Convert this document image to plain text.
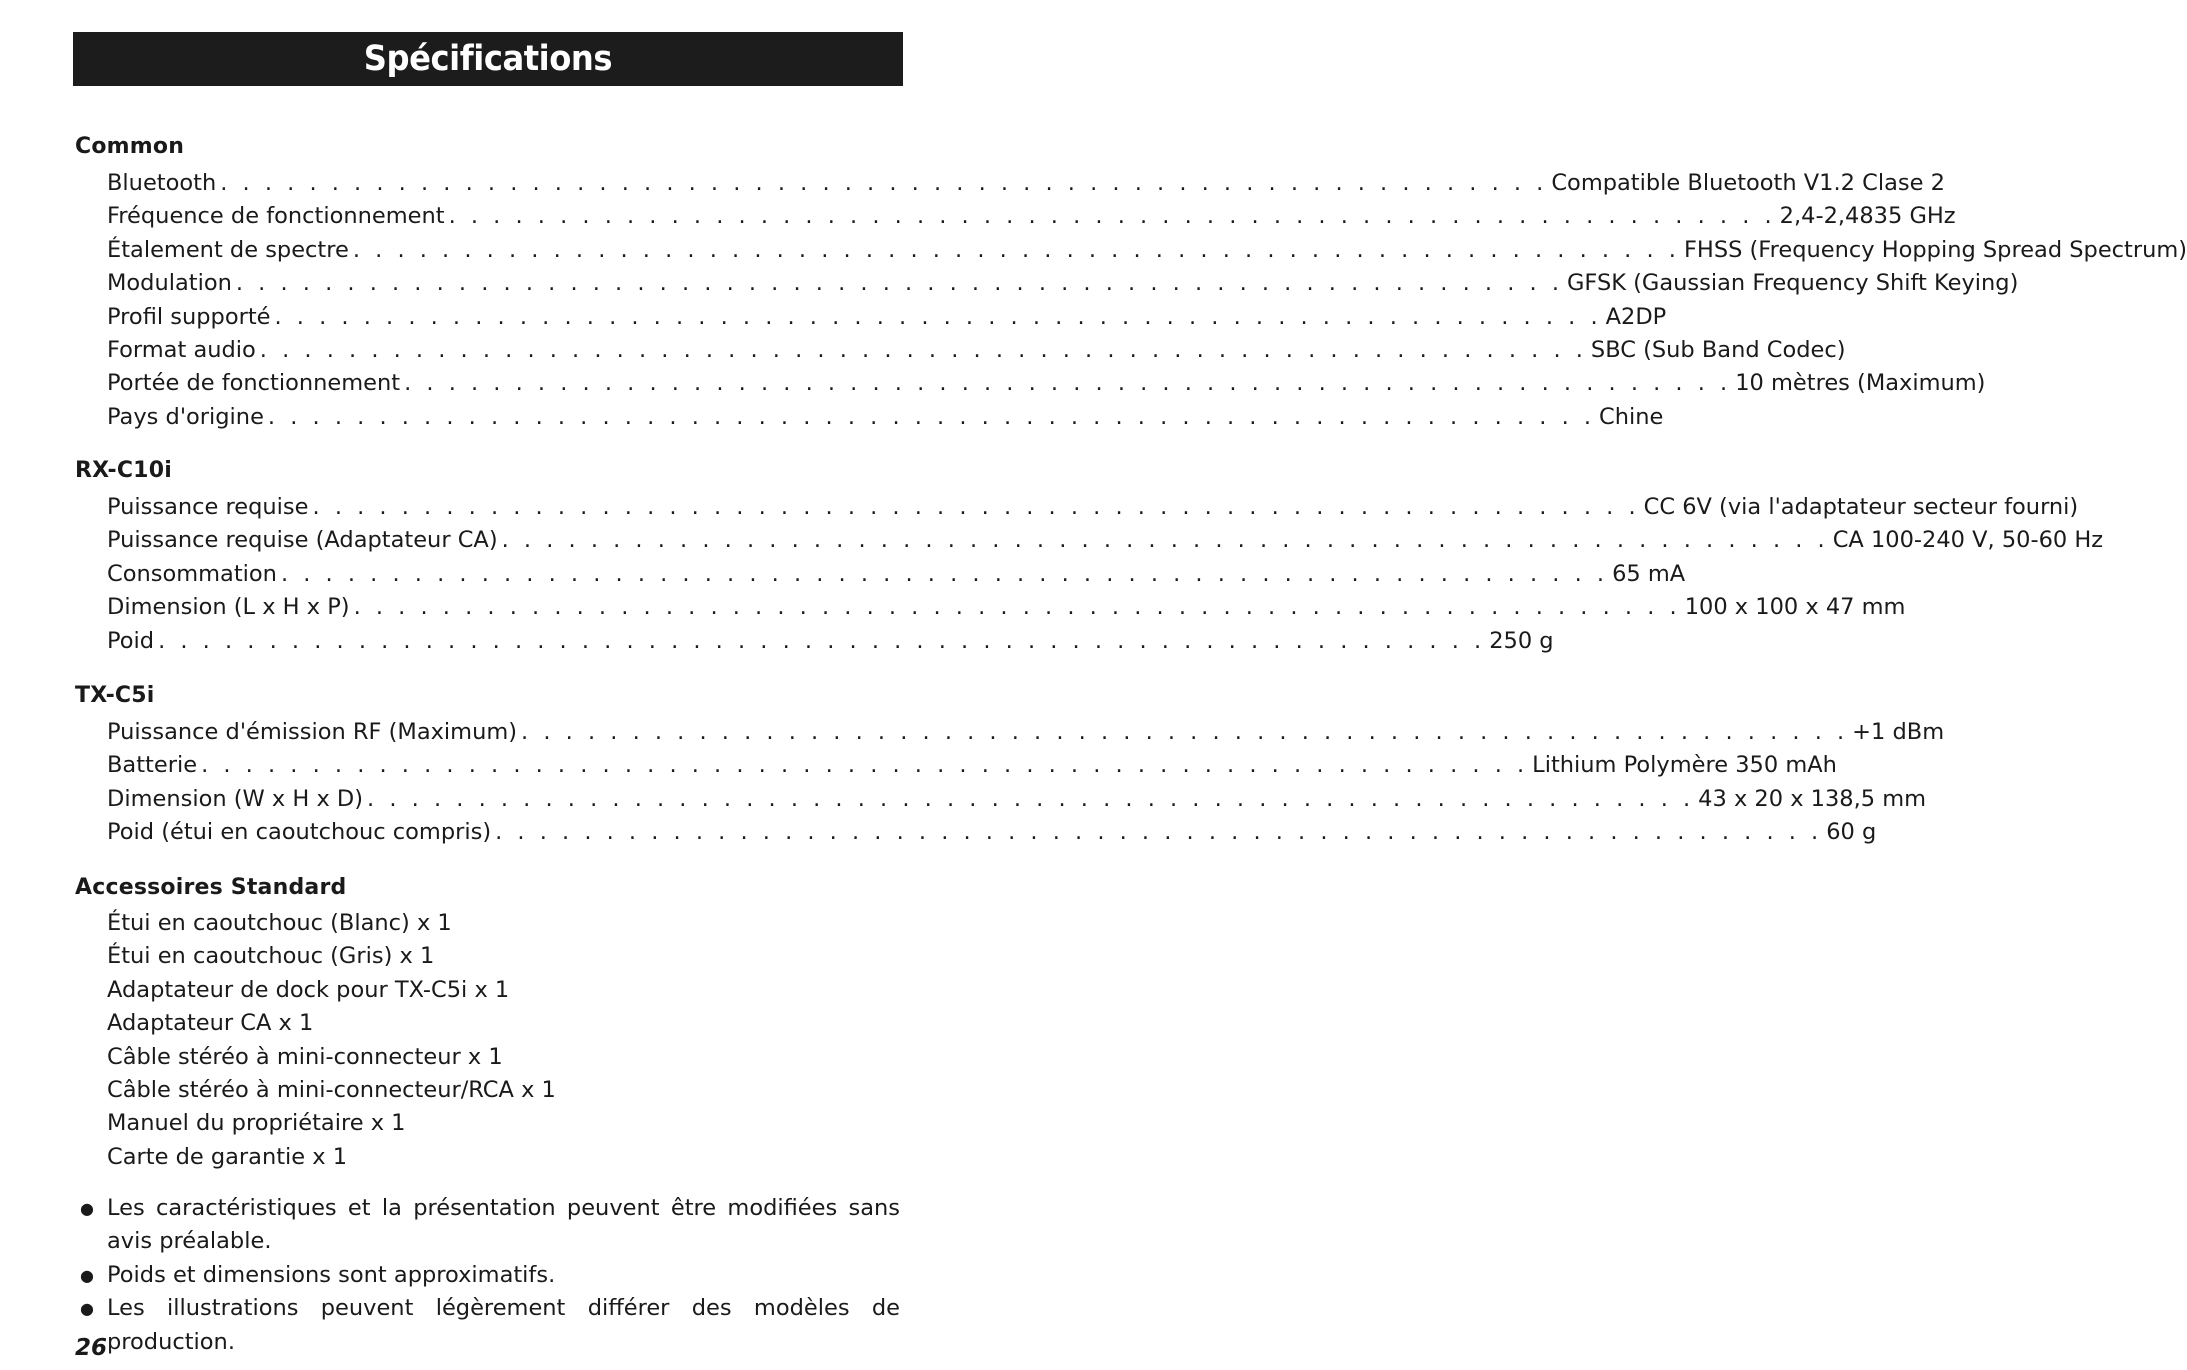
Spécifications
Common
Bluetooth . . . . . . . . . . . . . . . . . . . . . . . . . . . . . . . . . . . . . . . . . . . . . . . . . . . . . . . . . . . . Compatible Bluetooth V1.2 Clase 2
Fréquence de fonctionnement . . . . . . . . . . . . . . . . . . . . . . . . . . . . . . . . . . . . . . . . . . . . . . . . . . . . . . . . . . . . 2,4-2,4835 GHz
Étalement de spectre . . . . . . . . . . . . . . . . . . . . . . . . . . . . . . . . . . . . . . . . . . . . . . . . . . . . . . . . . . . . FHSS (Frequency Hopping Spread Spectrum)
Modulation . . . . . . . . . . . . . . . . . . . . . . . . . . . . . . . . . . . . . . . . . . . . . . . . . . . . . . . . . . . . GFSK (Gaussian Frequency Shift Keying)
Profil supporté . . . . . . . . . . . . . . . . . . . . . . . . . . . . . . . . . . . . . . . . . . . . . . . . . . . . . . . . . . . . A2DP
Format audio . . . . . . . . . . . . . . . . . . . . . . . . . . . . . . . . . . . . . . . . . . . . . . . . . . . . . . . . . . . . SBC (Sub Band Codec)
Portée de fonctionnement . . . . . . . . . . . . . . . . . . . . . . . . . . . . . . . . . . . . . . . . . . . . . . . . . . . . . . . . . . . . 10 mètres (Maximum)
Pays d'origine . . . . . . . . . . . . . . . . . . . . . . . . . . . . . . . . . . . . . . . . . . . . . . . . . . . . . . . . . . . . Chine
RX-C10i
Puissance requise . . . . . . . . . . . . . . . . . . . . . . . . . . . . . . . . . . . . . . . . . . . . . . . . . . . . . . . . . . . . CC 6V (via l'adaptateur secteur fourni)
Puissance requise (Adaptateur CA) . . . . . . . . . . . . . . . . . . . . . . . . . . . . . . . . . . . . . . . . . . . . . . . . . . . . . . . . . . . . CA 100-240 V, 50-60 Hz
Consommation . . . . . . . . . . . . . . . . . . . . . . . . . . . . . . . . . . . . . . . . . . . . . . . . . . . . . . . . . . . . 65 mA
Dimension (L x H x P) . . . . . . . . . . . . . . . . . . . . . . . . . . . . . . . . . . . . . . . . . . . . . . . . . . . . . . . . . . . . 100 x 100 x 47 mm
Poid . . . . . . . . . . . . . . . . . . . . . . . . . . . . . . . . . . . . . . . . . . . . . . . . . . . . . . . . . . . . 250 g
TX-C5i
Puissance d'émission RF (Maximum) . . . . . . . . . . . . . . . . . . . . . . . . . . . . . . . . . . . . . . . . . . . . . . . . . . . . . . . . . . . . +1 dBm
Batterie . . . . . . . . . . . . . . . . . . . . . . . . . . . . . . . . . . . . . . . . . . . . . . . . . . . . . . . . . . . . Lithium Polymère 350 mAh
Dimension (W x H x D) . . . . . . . . . . . . . . . . . . . . . . . . . . . . . . . . . . . . . . . . . . . . . . . . . . . . . . . . . . . . 43 x 20 x 138,5 mm
Poid (étui en caoutchouc compris) . . . . . . . . . . . . . . . . . . . . . . . . . . . . . . . . . . . . . . . . . . . . . . . . . . . . . . . . . . . . 60 g
Accessoires Standard
Étui en caoutchouc (Blanc) x 1
Étui en caoutchouc (Gris) x 1
Adaptateur de dock pour TX-C5i x 1
Adaptateur CA x 1
Câble stéréo à mini-connecteur x 1
Câble stéréo à mini-connecteur/RCA x 1
Manuel du propriétaire x 1
Carte de garantie x 1
● Les caractéristiques et la présentation peuvent être modifiées sans avis préalable.
● Poids et dimensions sont approximatifs.
● Les illustrations peuvent légèrement différer des modèles de production.
26
